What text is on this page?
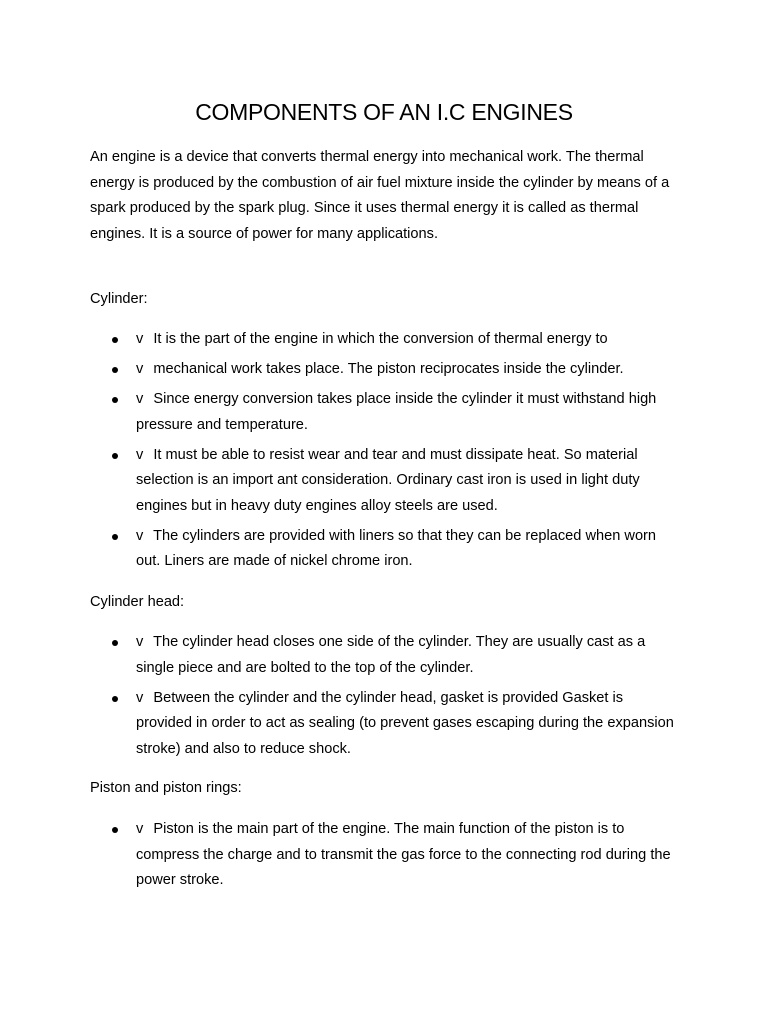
COMPONENTS OF AN I.C ENGINES

An engine is a device that converts thermal energy into mechanical work. The thermal energy is produced by the combustion of air fuel mixture inside the cylinder by means of a spark produced by the spark plug. Since it uses thermal energy it is called as thermal engines. It is a source of power for many applications.

Cylinder:
v It is the part of the engine in which the conversion of thermal energy to
v mechanical work takes place. The piston reciprocates inside the cylinder.
v Since energy conversion takes place inside the cylinder it must withstand high pressure and temperature.
v It must be able to resist wear and tear and must dissipate heat. So material selection is an import ant consideration. Ordinary cast iron is used in light duty engines but in heavy duty engines alloy steels are used.
v The cylinders are provided with liners so that they can be replaced when worn out. Liners are made of nickel chrome iron.
Cylinder head:
v The cylinder head closes one side of the cylinder. They are usually cast as a single piece and are bolted to the top of the cylinder.
v Between the cylinder and the cylinder head, gasket is provided Gasket is provided in order to act as sealing (to prevent gases escaping during the expansion stroke) and also to reduce shock.
Piston and piston rings:
v Piston is the main part of the engine. The main function of the piston is to compress the charge and to transmit the gas force to the connecting rod during the power stroke.
